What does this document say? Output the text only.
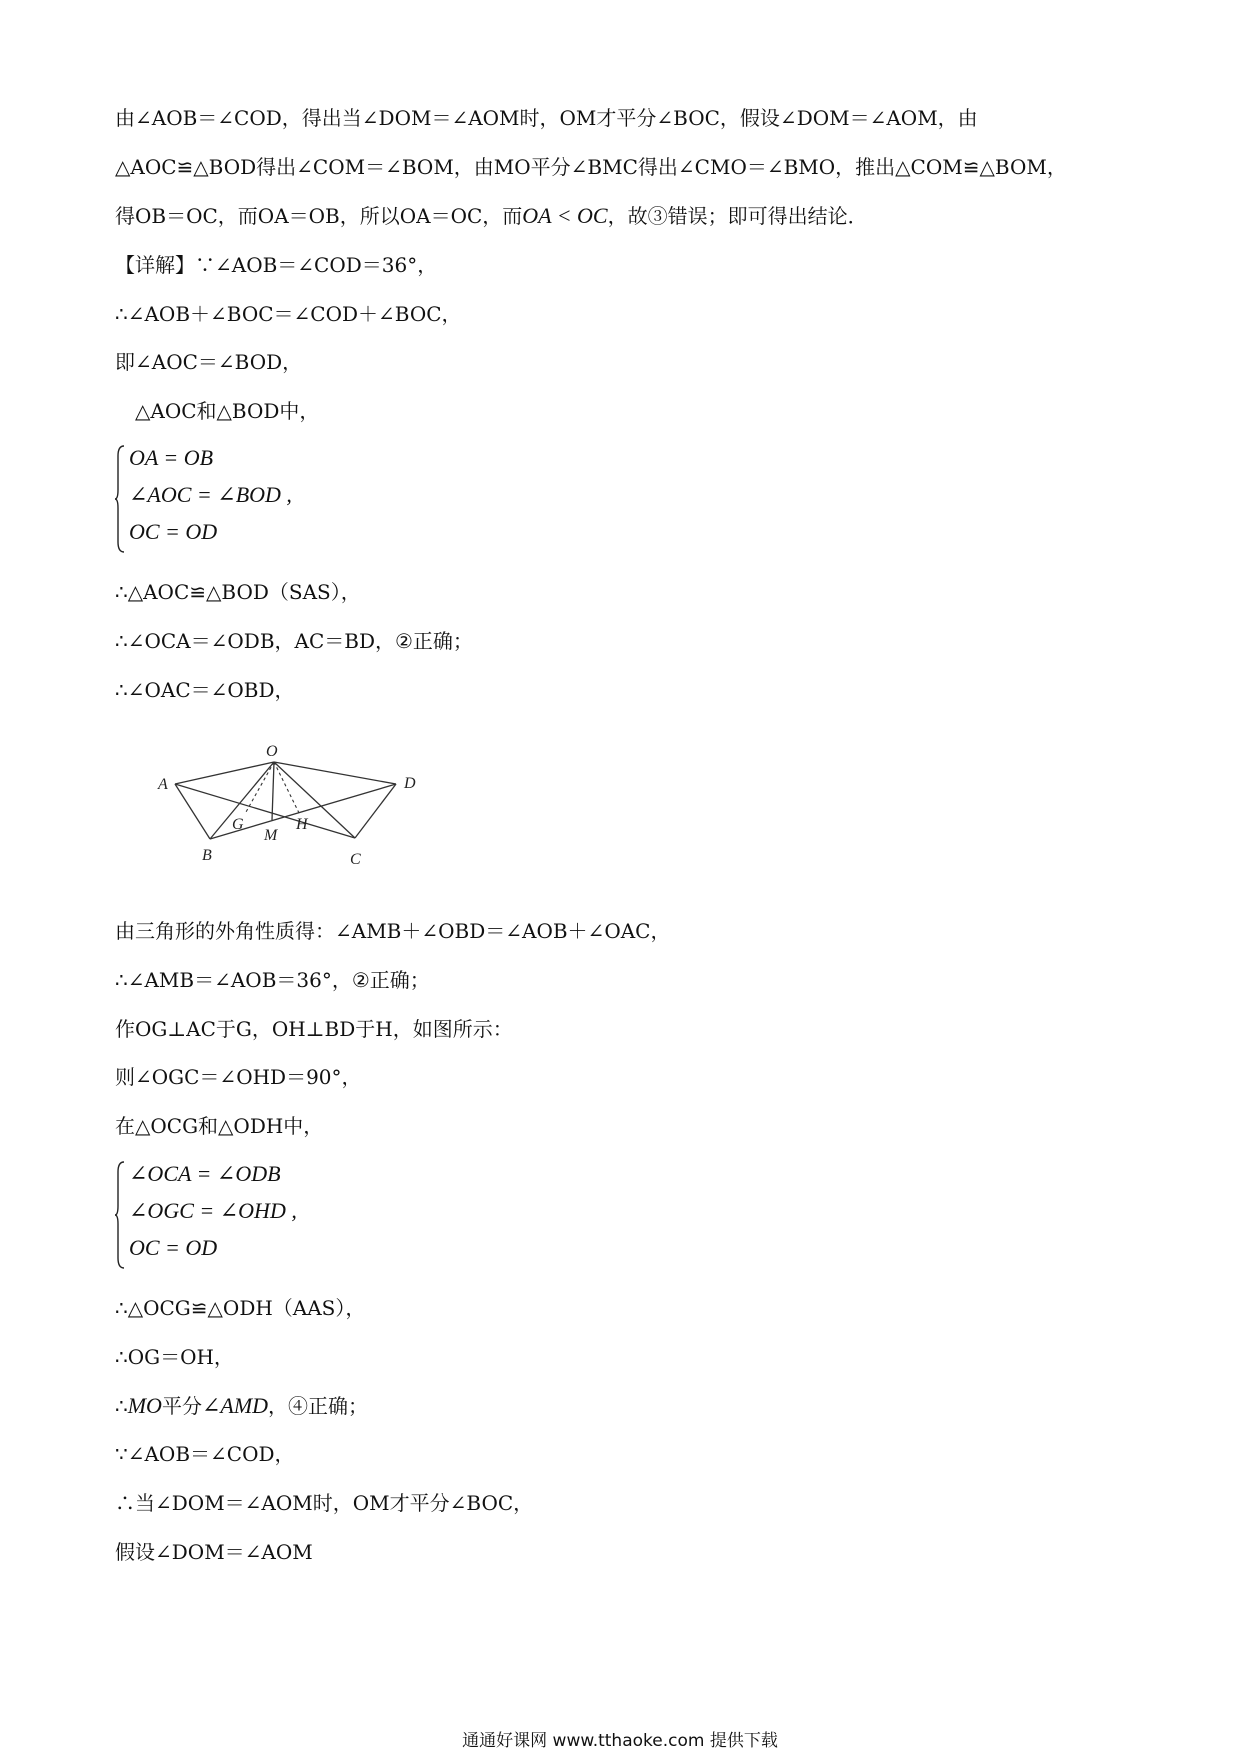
由∠AOB＝∠COD，得出当∠DOM＝∠AOM时，OM才平分∠BOC，假设∠DOM＝∠AOM，由
△AOC≌△BOD得出∠COM＝∠BOM，由MO平分∠BMC得出∠CMO＝∠BMO，推出△COM≌△BOM，
得OB＝OC，而OA＝OB，所以OA＝OC，而OA < OC，故③错误；即可得出结论．
【详解】∵∠AOB＝∠COD＝36°，
∴∠AOB＋∠BOC＝∠COD＋∠BOC，
即∠AOC＝∠BOD，
△AOC和△BOD中，
OA = OB
∠AOC = ∠BOD ,
OC = OD
∴△AOC≌△BOD（SAS），
∴∠OCA＝∠ODB，AC＝BD，②正确；
∴∠OAC＝∠OBD，
A
O
D
G	H
M
B	C
由三角形的外角性质得：∠AMB＋∠OBD＝∠AOB＋∠OAC，
∴∠AMB＝∠AOB＝36°，②正确；
作OG⊥AC于G，OH⊥BD于H，如图所示：
则∠OGC＝∠OHD＝90°，
在△OCG和△ODH中，
∠OCA = ∠ODB
∠OGC = ∠OHD ,
OC = OD
∴△OCG≌△ODH（AAS），
∴OG＝OH，
∴MO平分∠AMD，④正确；
∵∠AOB＝∠COD，
∴当∠DOM＝∠AOM时，OM才平分∠BOC，
假设∠DOM＝∠AOM
通通好课网 www.tthaoke.com 提供下载
